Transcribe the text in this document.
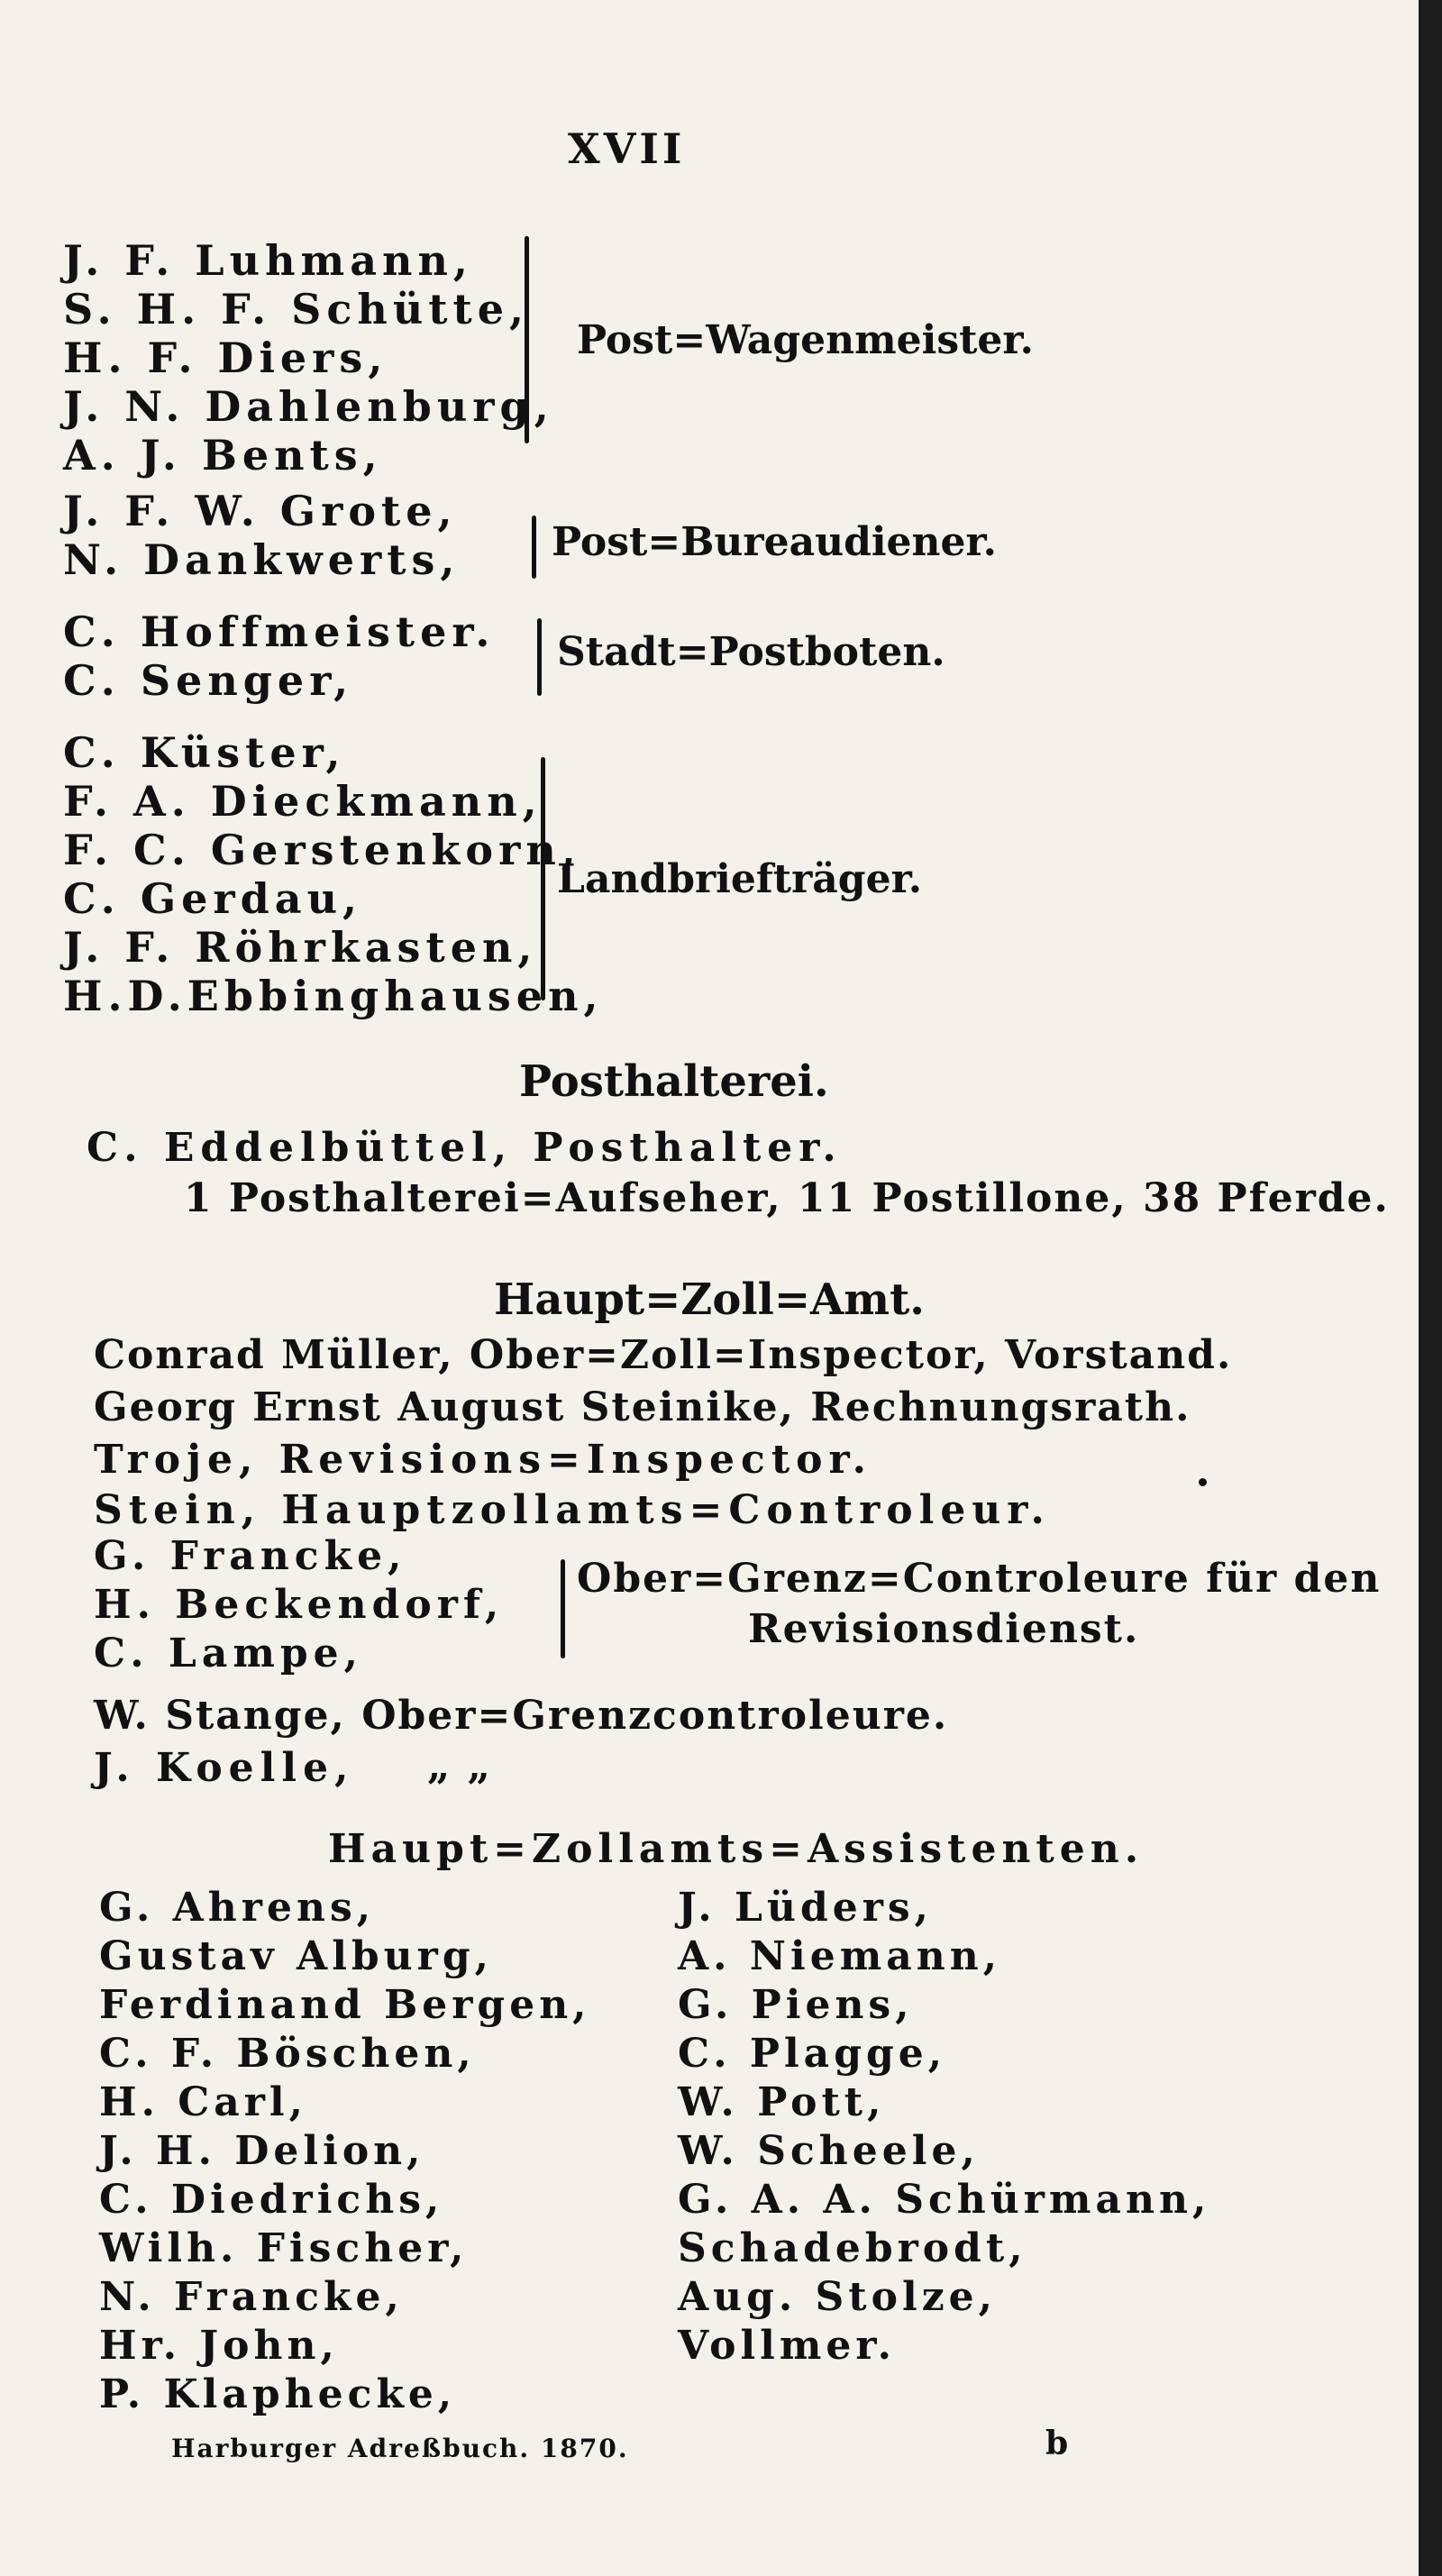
XVII
J. F. Luhmann,
S. H. F. Schütte,
H. F. Diers,
J. N. Dahlenburg,
A. J. Bents,
Post=Wagenmeister.
J. F. W. Grote,
N. Dankwerts, Post=Bureaudiener.
C. Hoffmeister.
C. Senger,
Stadt=Postboten.
C. Küster,
F. A. Dieckmann,
F. C. Gerstenkorn,
C. Gerdau,
J. F. Röhrkasten,
H.D.Ebbinghausen,
Landbriefträger.
Posthalterei.
C. Eddelbüttel, Posthalter.
1 Posthalterei=Aufseher, 11 Postillone, 38 Pferde.
Haupt=Zoll=Amt.
Conrad Müller, Ober=Zoll=Inspector, Vorstand.
Georg Ernst August Steinike, Rechnungsrath.
Troje, Revisions=Inspector.
Stein, Hauptzollamts=Controleur.
G. Francke,
H. Beckendorf,
C. Lampe,
Ober=Grenz=Controleure für den
Revisionsdienst.
W. Stange, Ober=Grenzcontroleure.
J. Koelle, „ „
Haupt=Zollamts=Assistenten.
G. Ahrens,
Gustav Alburg,
Ferdinand Bergen,
C. F. Böschen,
H. Carl,
J. H. Delion,
C. Diedrichs,
Wilh. Fischer,
N. Francke,
Hr. John,
P. Klaphecke,
J. Lüders,
A. Niemann,
G. Piens,
C. Plagge,
W. Pott,
W. Scheele,
G. A. A. Schürmann,
Schadebrodt,
Aug. Stolze,
Vollmer.
Harburger Adreßbuch. 1870.	b
